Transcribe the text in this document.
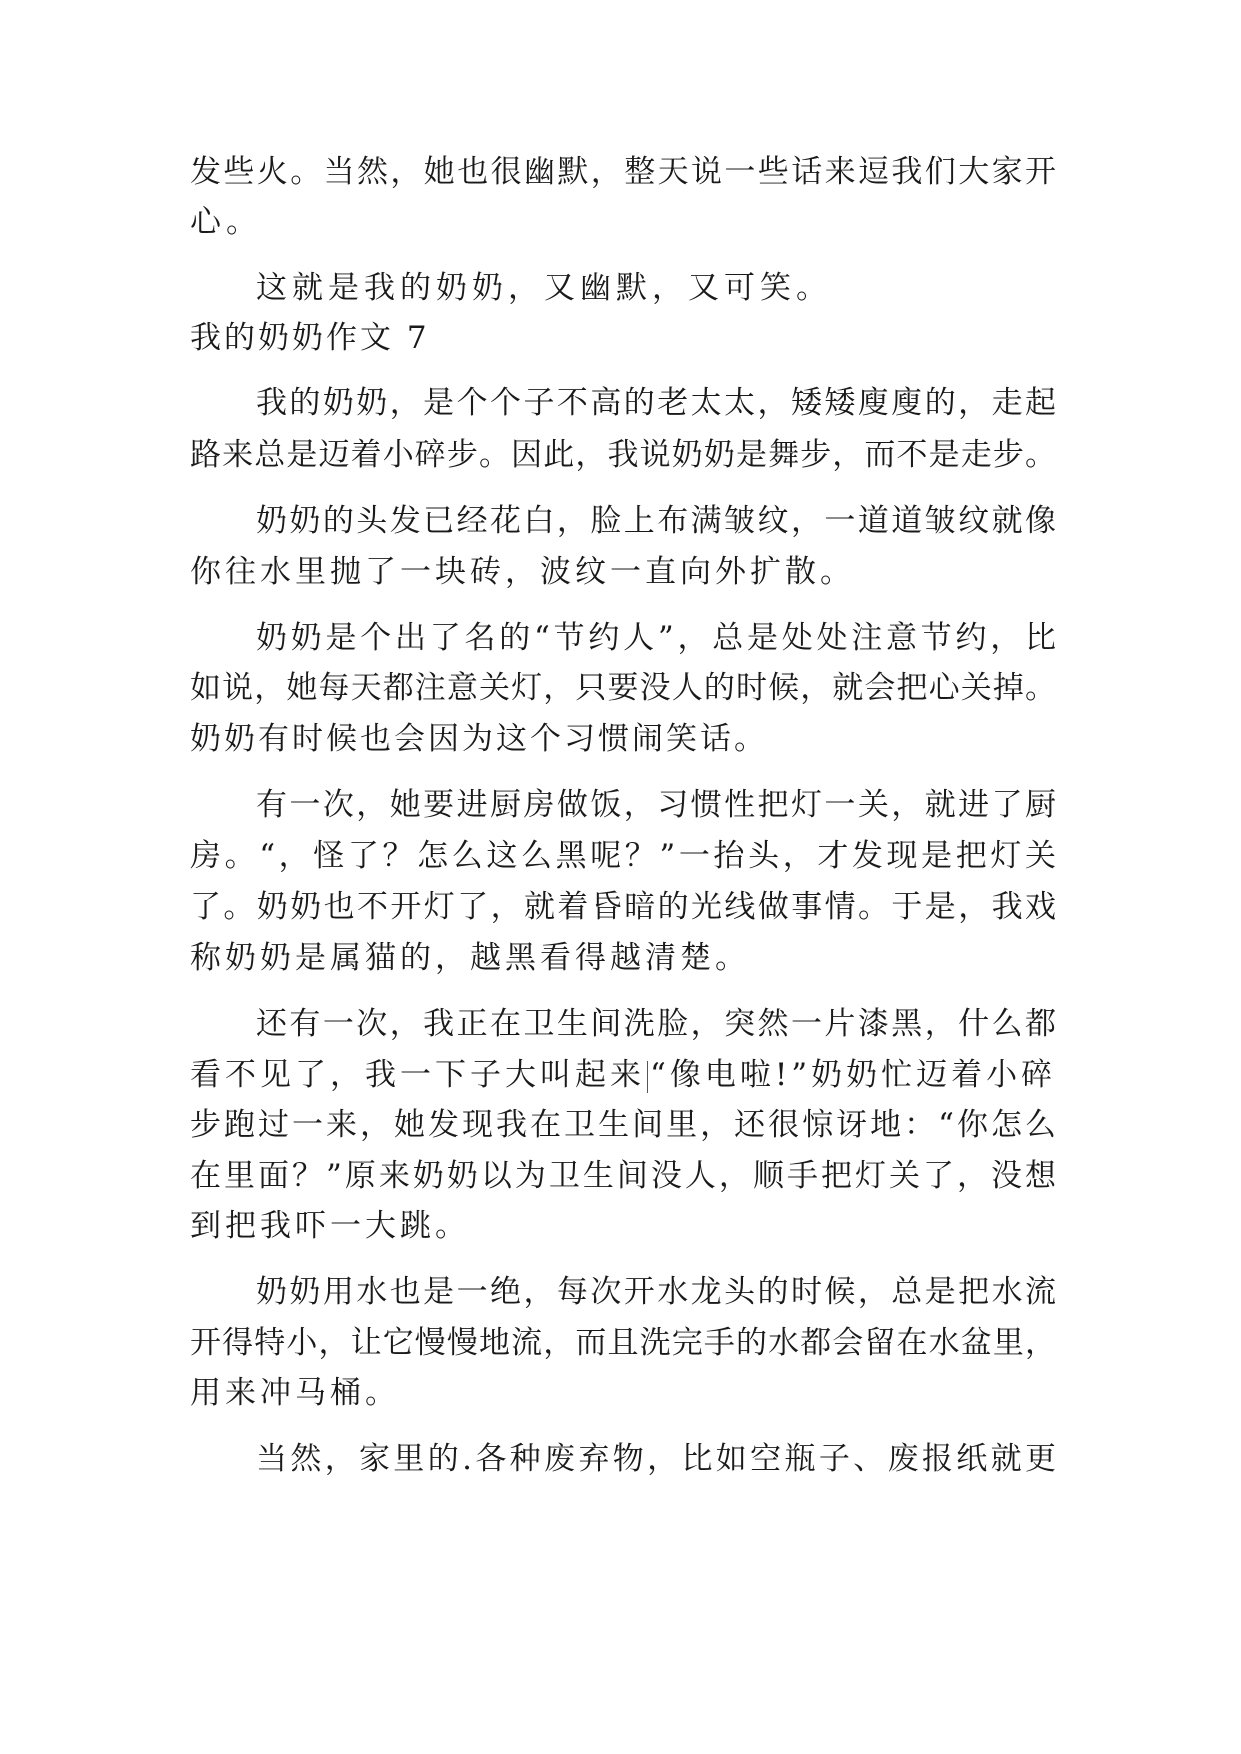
发些火。当然，她也很幽默，整天说一些话来逗我们大家开
心。
这就是我的奶奶，又幽默，又可笑。
我的奶奶作文 7
我的奶奶，是个个子不高的老太太，矮矮廋廋的，走起
路来总是迈着小碎步。因此，我说奶奶是舞步，而不是走步。
奶奶的头发已经花白，脸上布满皱纹，一道道皱纹就像
你往水里抛了一块砖，波纹一直向外扩散。
奶奶是个出了名的“节约人”，总是处处注意节约，比
如说，她每天都注意关灯，只要没人的时候，就会把心关掉。
奶奶有时候也会因为这个习惯闹笑话。
有一次，她要进厨房做饭，习惯性把灯一关，就进了厨
房。“，怪了？怎么这么黑呢？”一抬头，才发现是把灯关
了。奶奶也不开灯了，就着昏暗的光线做事情。于是，我戏
称奶奶是属猫的，越黑看得越清楚。
还有一次，我正在卫生间洗脸，突然一片漆黑，什么都
看不见了，我一下子大叫起来 “像电啦!”奶奶忙迈着小碎
步跑过一来，她发现我在卫生间里，还很惊讶地：“你怎么
在里面？”原来奶奶以为卫生间没人，顺手把灯关了，没想
到把我吓一大跳。
奶奶用水也是一绝，每次开水龙头的时候，总是把水流
开得特小，让它慢慢地流，而且洗完手的水都会留在水盆里，
用来冲马桶。
当然，家里的.各种废弃物，比如空瓶子、废报纸就更
